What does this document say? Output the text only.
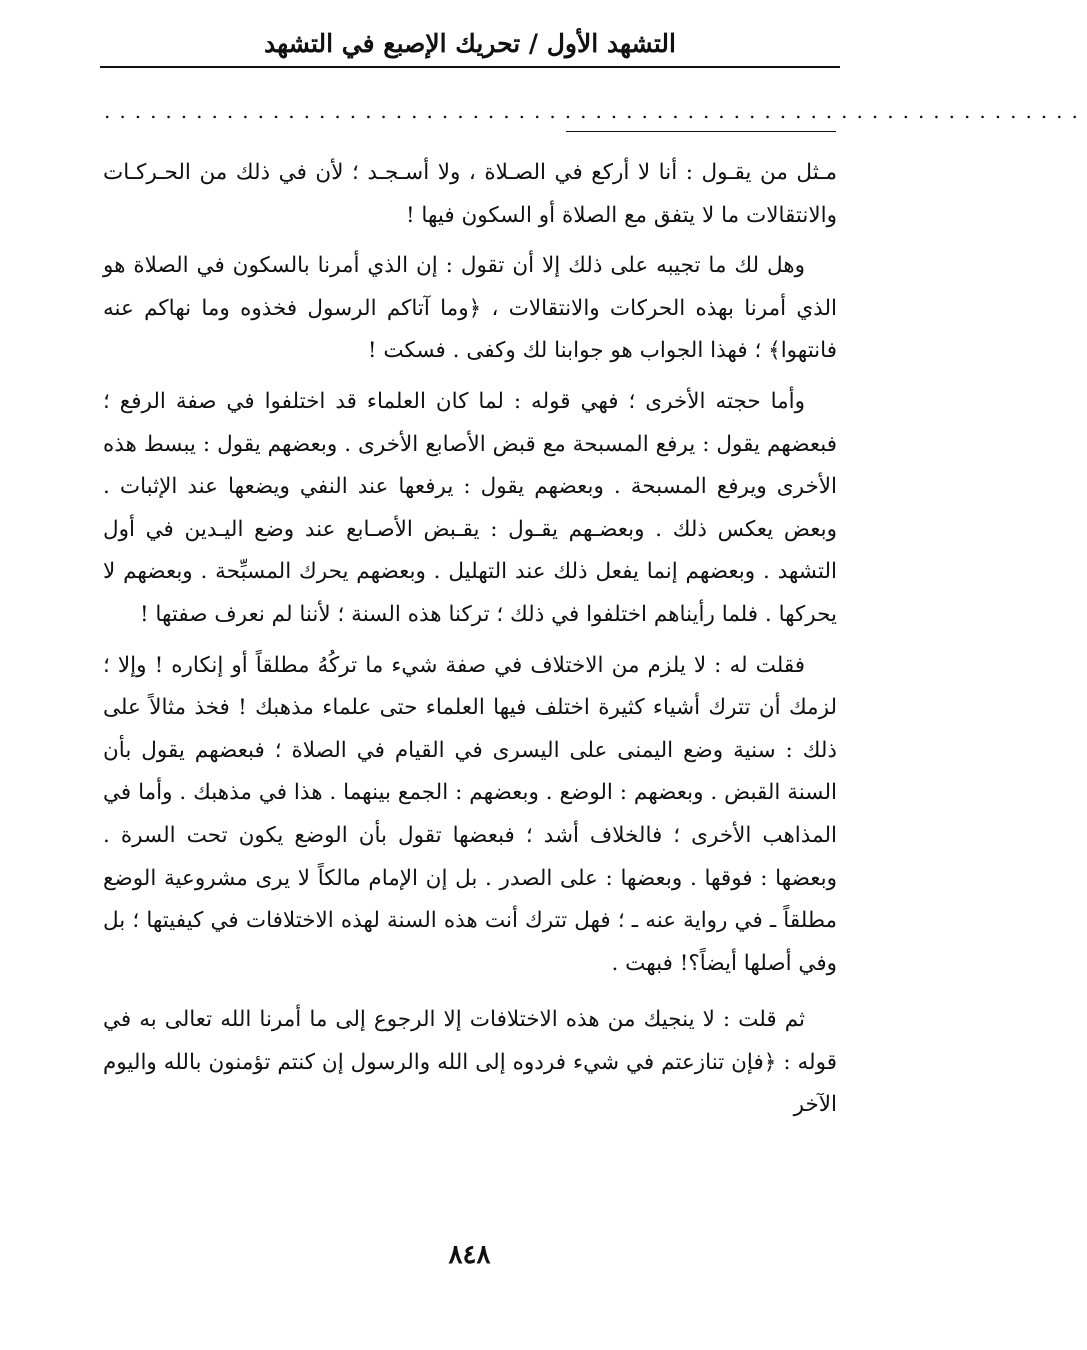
التشهد الأول / تحريك الإصبع في التشهد
................................................................

مـثل من يقـول : أنا لا أركع في الصـلاة ، ولا أسـجـد ؛ لأن في ذلك من الحـركـات والانتقالات ما لا يتفق مع الصلاة أو السكون فيها !

وهل لك ما تجيبه على ذلك إلا أن تقول : إن الذي أمرنا بالسكون في الصلاة هو الذي أمرنا بهذه الحركات والانتقالات ، ﴿وما آتاكم الرسول فخذوه وما نهاكم عنه فانتهوا﴾ ؛ فهذا الجواب هو جوابنا لك وكفى . فسكت !

وأما حجته الأخرى ؛ فهي قوله : لما كان العلماء قد اختلفوا في صفة الرفع ؛ فبعضهم يقول : يرفع المسبحة مع قبض الأصابع الأخرى . وبعضهم يقول : يبسط هذه الأخرى ويرفع المسبحة . وبعضهم يقول : يرفعها عند النفي ويضعها عند الإثبات . وبعض يعكس ذلك . وبعضـهم يقـول : يقـبض الأصـابع عند وضع اليـدين في أول التشهد . وبعضهم إنما يفعل ذلك عند التهليل . وبعضهم يحرك المسبِّحة . وبعضهم لا يحركها . فلما رأيناهم اختلفوا في ذلك ؛ تركنا هذه السنة ؛ لأننا لم نعرف صفتها !

فقلت له : لا يلزم من الاختلاف في صفة شيء ما تركُهُ مطلقاً أو إنكاره ! وإلا ؛ لزمك أن تترك أشياء كثيرة اختلف فيها العلماء حتى علماء مذهبك ! فخذ مثالاً على ذلك : سنية وضع اليمنى على اليسرى في القيام في الصلاة ؛ فبعضهم يقول بأن السنة القبض . وبعضهم : الوضع . وبعضهم : الجمع بينهما . هذا في مذهبك . وأما في المذاهب الأخرى ؛ فالخلاف أشد ؛ فبعضها تقول بأن الوضع يكون تحت السرة . وبعضها : فوقها . وبعضها : على الصدر . بل إن الإمام مالكاً لا يرى مشروعية الوضع مطلقاً ـ في رواية عنه ـ ؛ فهل تترك أنت هذه السنة لهذه الاختلافات في كيفيتها ؛ بل وفي أصلها أيضاً؟! فبهت .

ثم قلت : لا ينجيك من هذه الاختلافات إلا الرجوع إلى ما أمرنا الله تعالى به في قوله : ﴿فإن تنازعتم في شيء فردوه إلى الله والرسول إن كنتم تؤمنون بالله واليوم الآخر

٨٤٨
